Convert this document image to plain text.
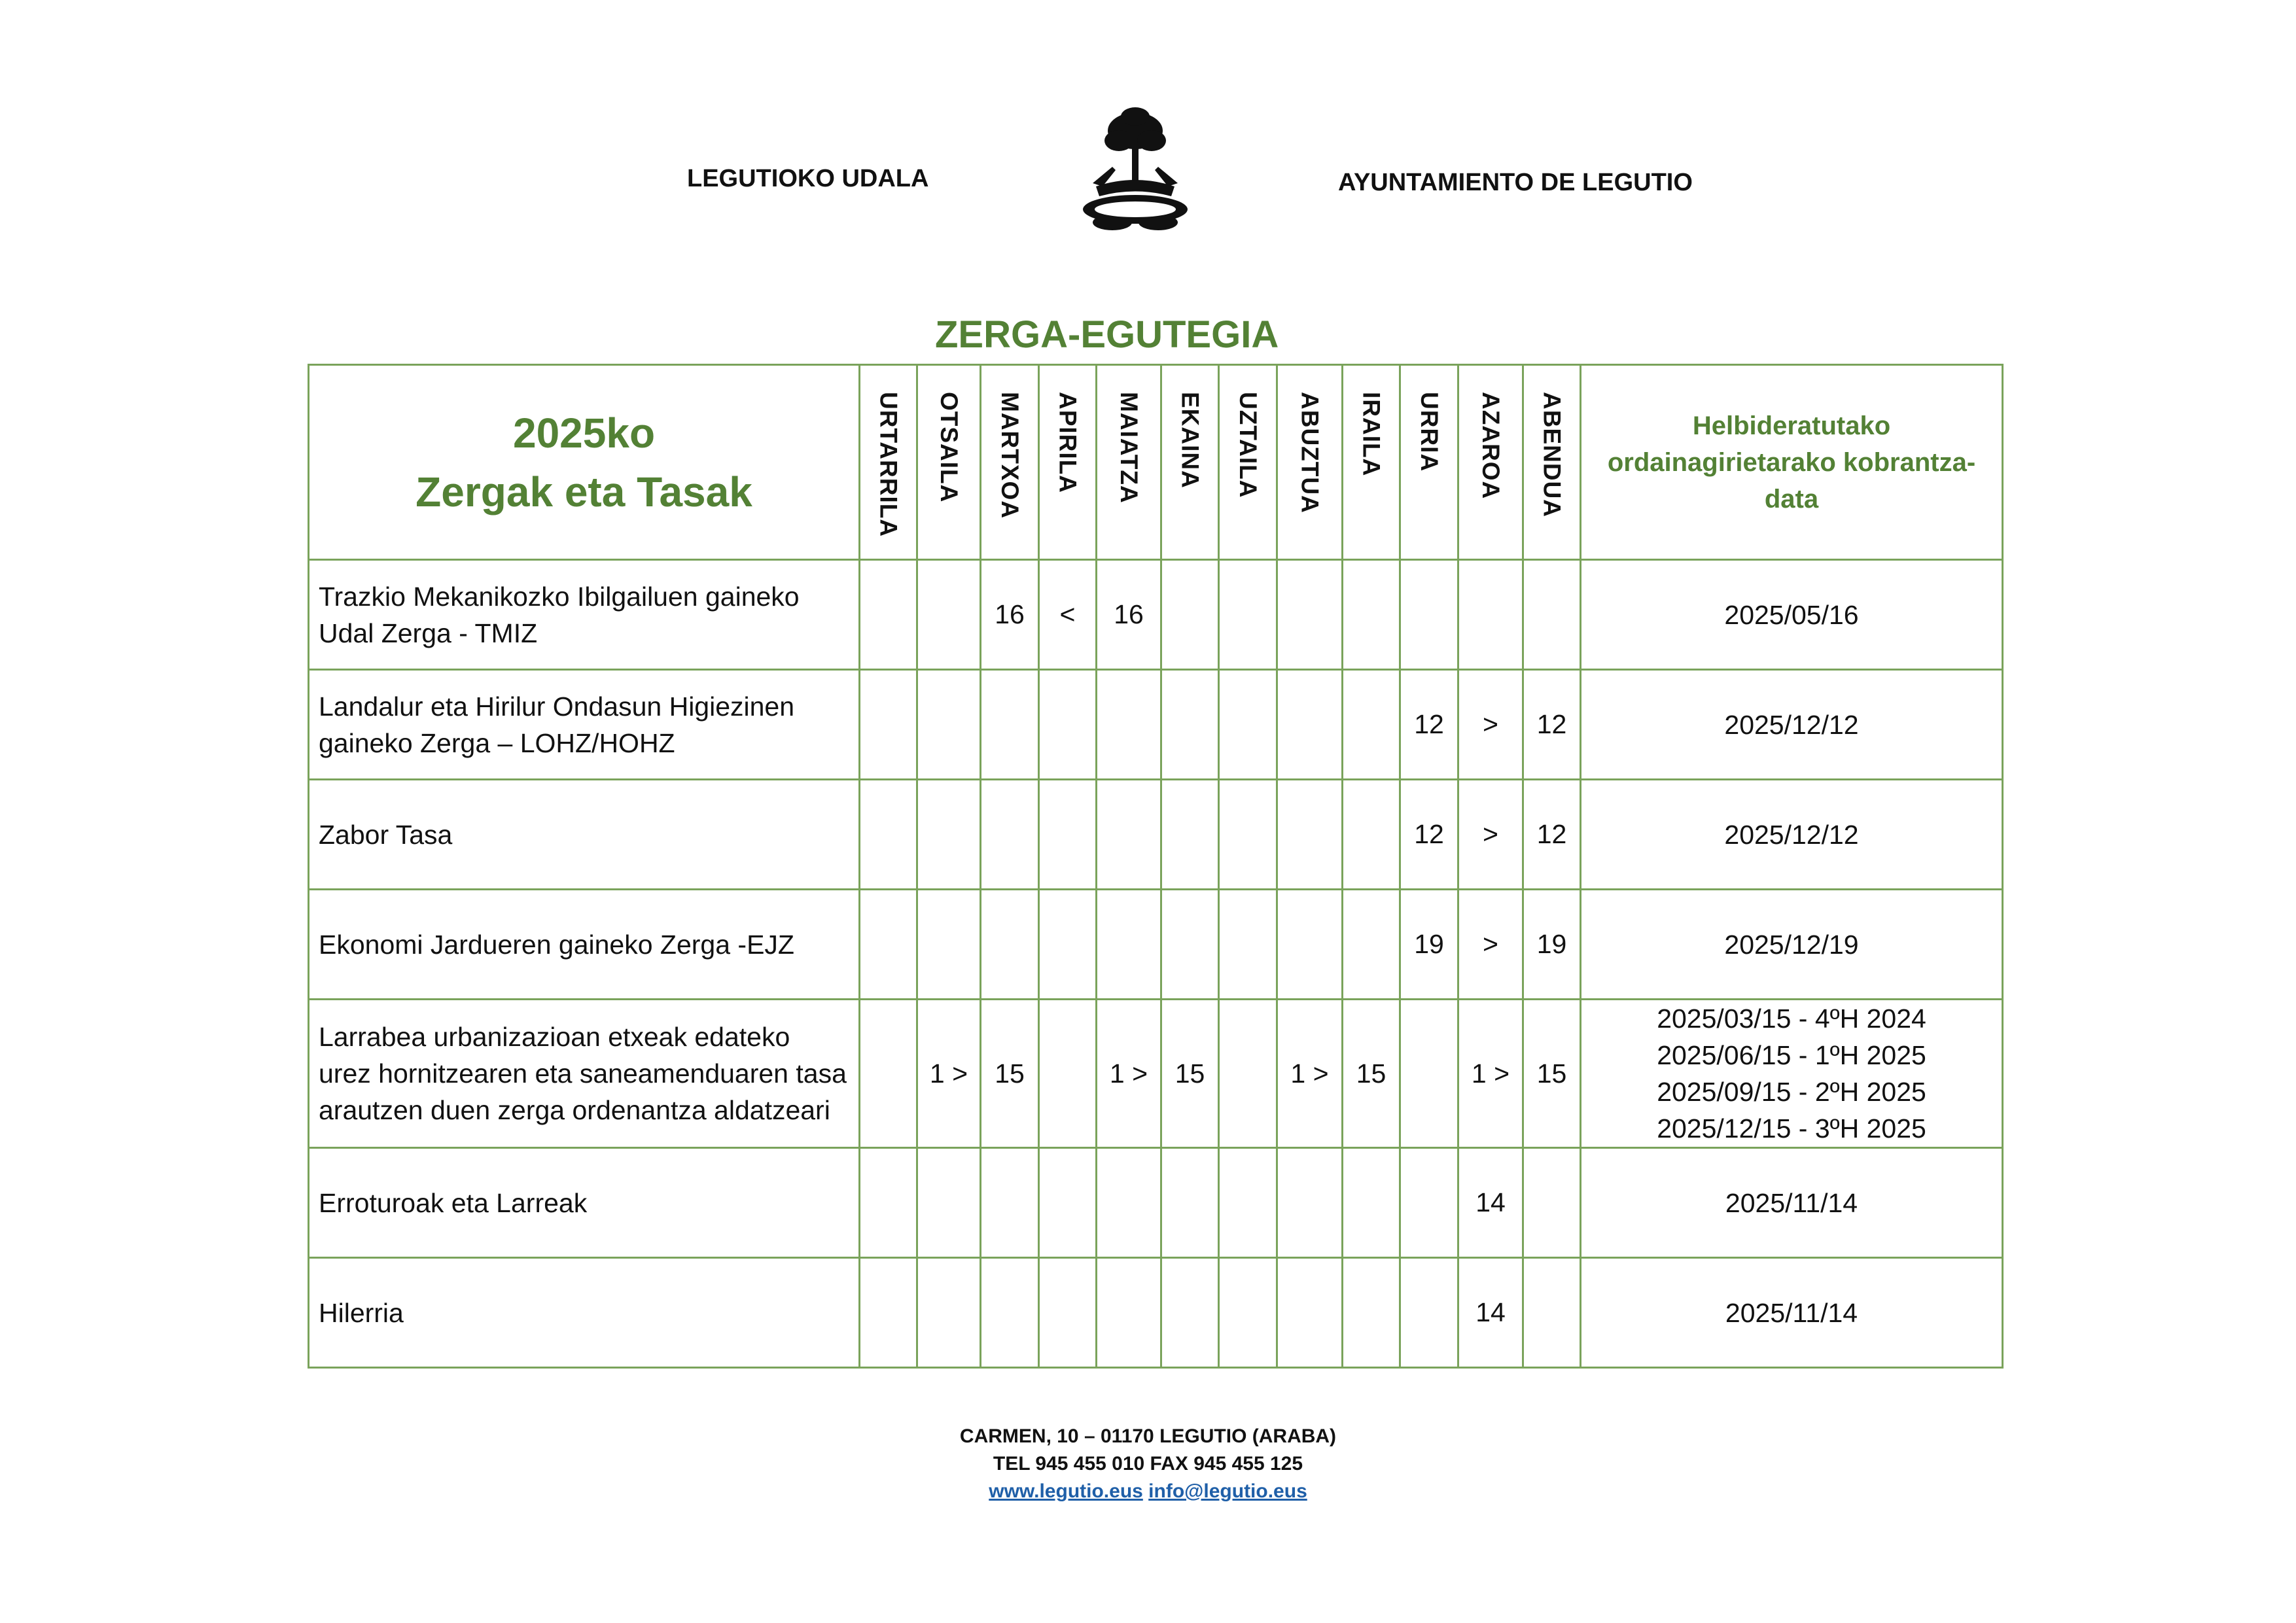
LEGUTIOKO UDALA	AYUNTAMIENTO DE LEGUTIO
ZERGA-EGUTEGIA
2025ko
Zergak eta Tasak	URTARRILA	OTSAILA	MARTXOA	APIRILA	MAIATZA	EKAINA	UZTAILA	ABUZTUA	IRAILA	URRIA	AZAROA	ABENDUA	Helbideratutako ordainagirietarako kobrantza-data
Trazkio Mekanikozko Ibilgailuen gaineko Udal Zerga - TMIZ			16	<	16								2025/05/16
Landalur eta Hirilur Ondasun Higiezinen gaineko Zerga – LOHZ/HOHZ										12	>	12	2025/12/12
Zabor Tasa										12	>	12	2025/12/12
Ekonomi Jardueren gaineko Zerga -EJZ										19	>	19	2025/12/19
Larrabea urbanizazioan etxeak edateko urez hornitzearen eta saneamenduaren tasa arautzen duen zerga ordenantza aldatzeari		1 >	15		1 >	15		1 >	15		1 >	15	2025/03/15 - 4ºH 2024
2025/06/15 - 1ºH 2025
2025/09/15 - 2ºH 2025
2025/12/15 - 3ºH 2025

Erroturoak eta Larreak											14		2025/11/14
Hilerria											14		2025/11/14
CARMEN, 10 – 01170 LEGUTIO (ARABA)
TEL 945 455 010 FAX 945 455 125
www.legutio.eus info@legutio.eus
